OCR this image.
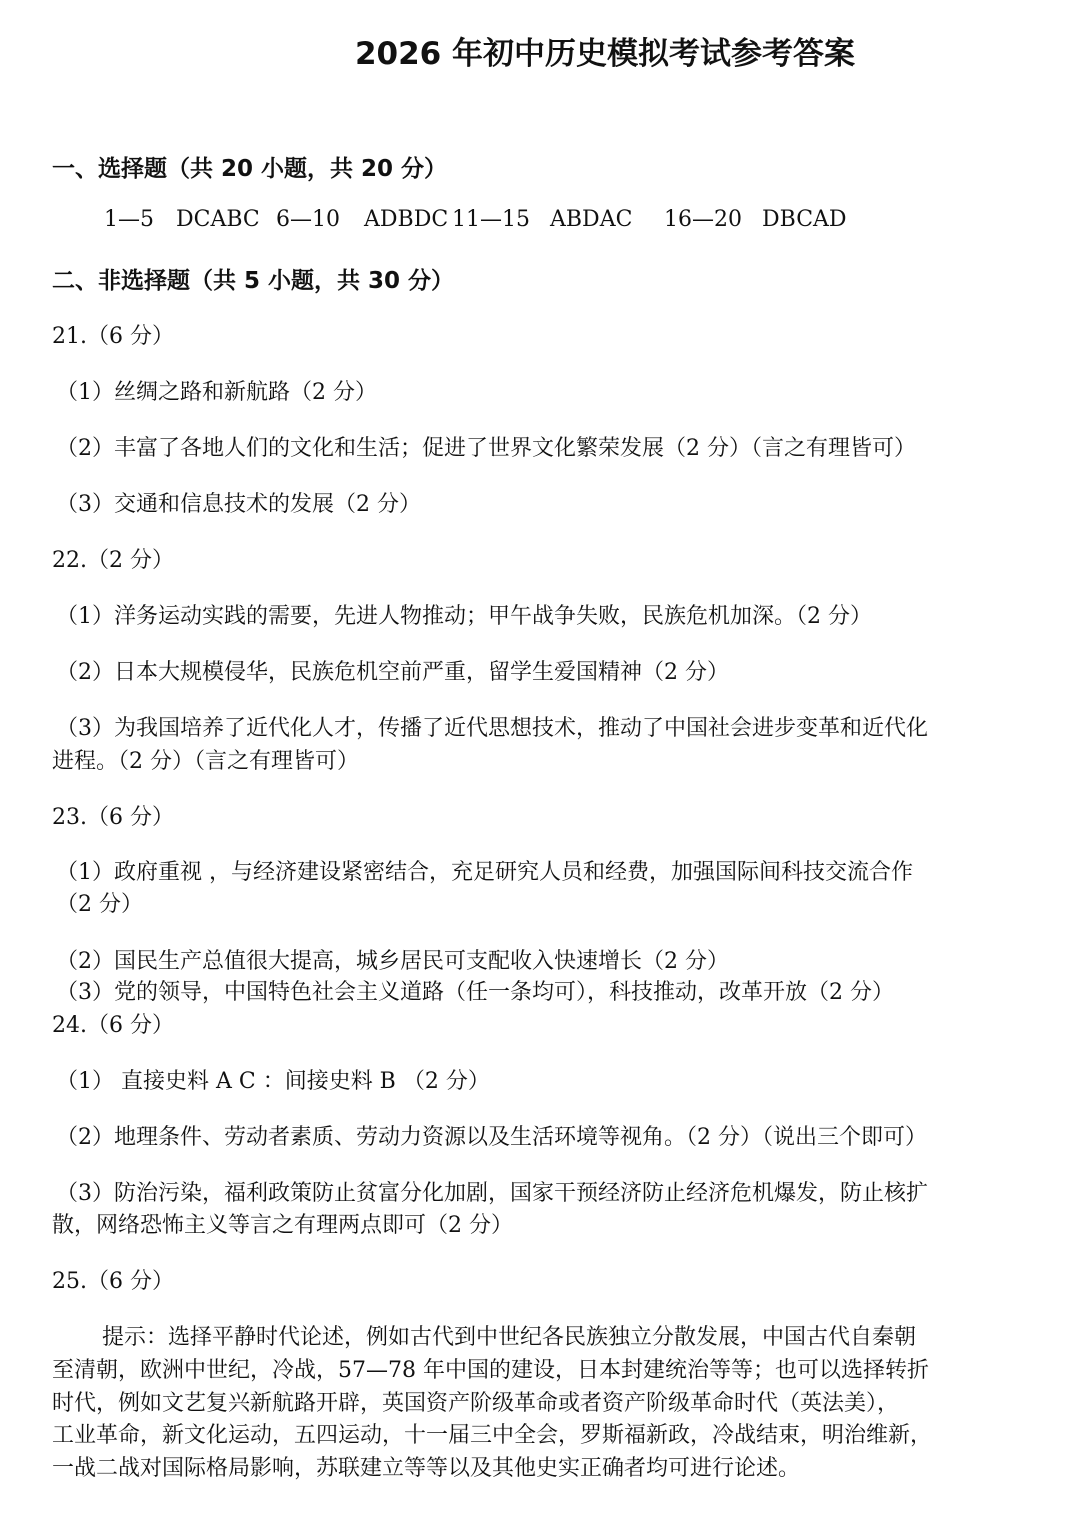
2026 年初中历史模拟考试参考答案
一、选择题（共 20 小题，共 20 分）
1—5 DCABC 6—10 ADBDC 11—15 ABDAC 16—20 DBCAD
二、非选择题（共 5 小题，共 30 分）
21.（6 分）
（1）丝绸之路和新航路（2 分）
（2）丰富了各地人们的文化和生活；促进了世界文化繁荣发展（2 分）（言之有理皆可）
（3）交通和信息技术的发展（2 分）
22.（2 分）
（1）洋务运动实践的需要，先进人物推动；甲午战争失败，民族危机加深。（2 分）
（2）日本大规模侵华，民族危机空前严重，留学生爱国精神（2 分）
（3）为我国培养了近代化人才，传播了近代思想技术，推动了中国社会进步变革和近代化
进程。（2 分）（言之有理皆可）
23.（6 分）
（1）政府重视 ，与经济建设紧密结合，充足研究人员和经费，加强国际间科技交流合作
（2 分）
（2）国民生产总值很大提高，城乡居民可支配收入快速增长（2 分）
（3）党的领导，中国特色社会主义道路（任一条均可），科技推动，改革开放（2 分）
24.（6 分）
（1） 直接史料 A C ：间接史料 B （2 分）
（2）地理条件、劳动者素质、劳动力资源以及生活环境等视角。（2 分）（说出三个即可）
（3）防治污染，福利政策防止贫富分化加剧，国家干预经济防止经济危机爆发，防止核扩
散，网络恐怖主义等言之有理两点即可（2 分）
25.（6 分）
提示：选择平静时代论述，例如古代到中世纪各民族独立分散发展，中国古代自秦朝
至清朝，欧洲中世纪，冷战，57—78 年中国的建设，日本封建统治等等；也可以选择转折
时代，例如文艺复兴新航路开辟，英国资产阶级革命或者资产阶级革命时代（英法美），
工业革命，新文化运动，五四运动，十一届三中全会，罗斯福新政，冷战结束，明治维新，
一战二战对国际格局影响，苏联建立等等以及其他史实正确者均可进行论述。
